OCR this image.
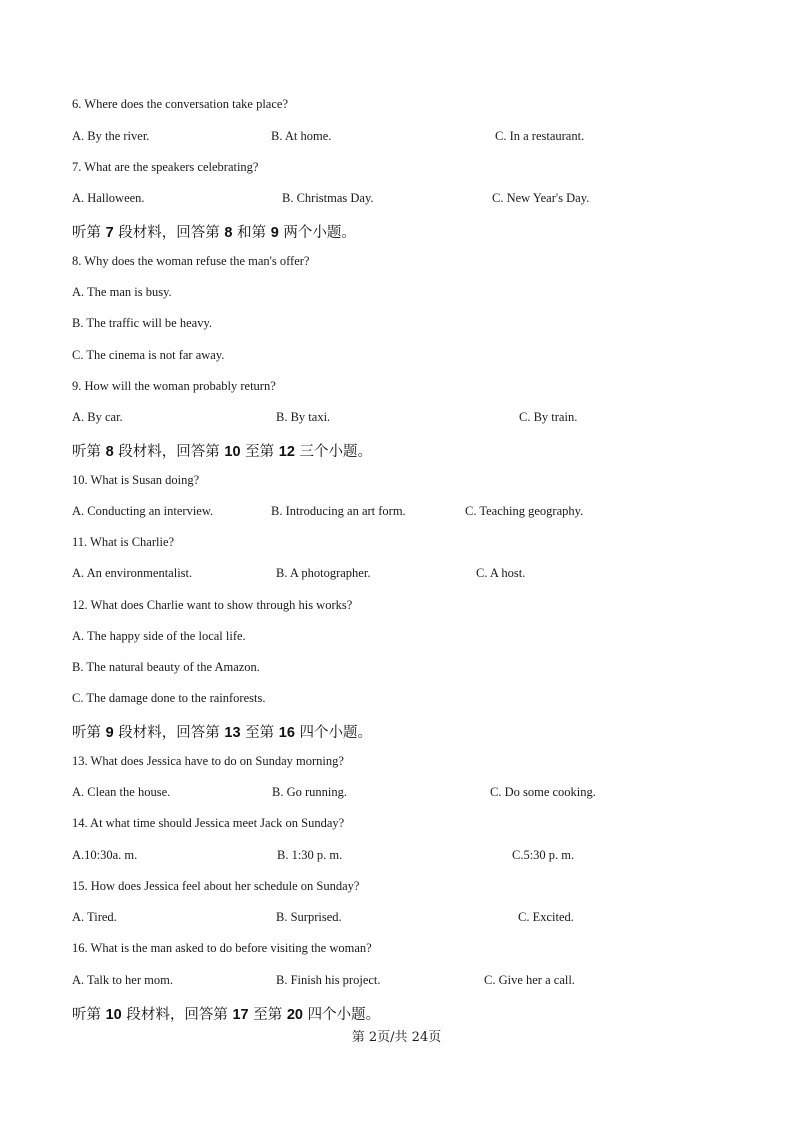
6. Where does the conversation take place?
A. By the river.	B. At home.	C. In a restaurant.
7. What are the speakers celebrating?
A. Halloween.	B. Christmas Day.	C. New Year's Day.
听第 7 段材料，回答第 8 和第 9 两个小题。
8. Why does the woman refuse the man's offer?
A. The man is busy.
B. The traffic will be heavy.
C. The cinema is not far away.
9. How will the woman probably return?
A. By car.	B. By taxi.	C. By train.
听第 8 段材料，回答第 10 至第 12 三个小题。
10. What is Susan doing?
A. Conducting an interview.	B. Introducing an art form.	C. Teaching geography.
11. What is Charlie?
A. An environmentalist.	B. A photographer.	C. A host.
12. What does Charlie want to show through his works?
A. The happy side of the local life.
B. The natural beauty of the Amazon.
C. The damage done to the rainforests.
听第 9 段材料，回答第 13 至第 16 四个小题。
13. What does Jessica have to do on Sunday morning?
A. Clean the house.	B. Go running.	C. Do some cooking.
14. At what time should Jessica meet Jack on Sunday?
A.10:30a. m.	B. 1:30 p. m.	C.5:30 p. m.
15. How does Jessica feel about her schedule on Sunday?
A. Tired.	B. Surprised.	C. Excited.
16. What is the man asked to do before visiting the woman?
A. Talk to her mom.	B. Finish his project.	C. Give her a call.
听第 10 段材料，回答第 17 至第 20 四个小题。
第 2页/共 24页
